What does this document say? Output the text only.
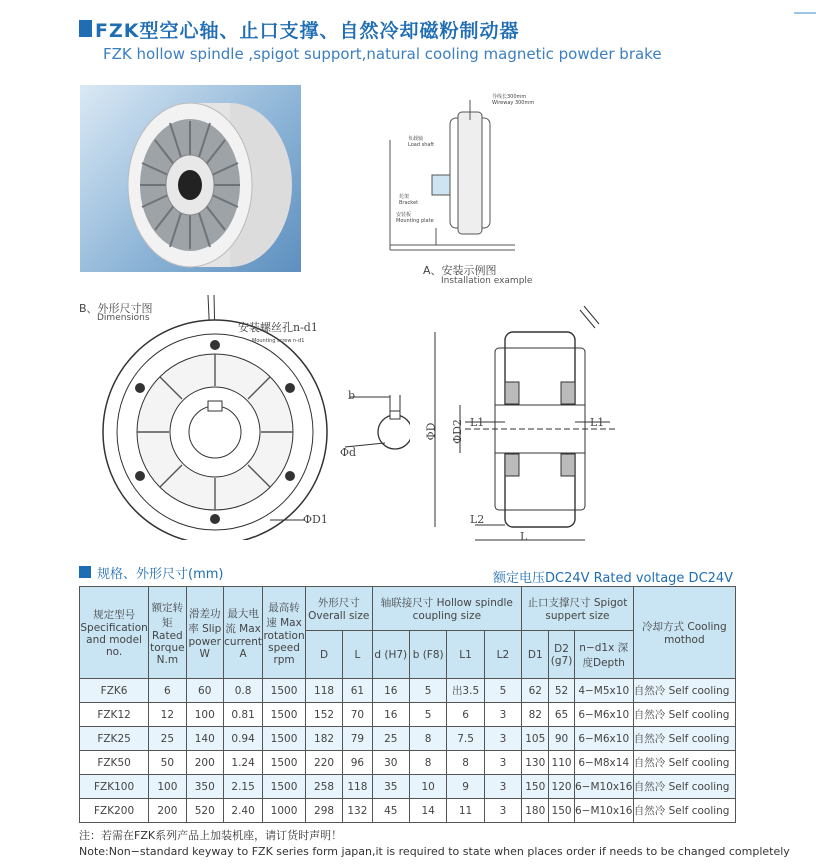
FZK型空心轴、止口支撑、自然冷却磁粉制动器
FZK hollow spindle ,spigot support,natural cooling magnetic powder brake
导线长300mm
Wireway 300mm
负载轴
Load shaft
托架
Bracket
安装板
Mounting plate
A、安装示例图
Installation example
B、外形尺寸图
Dimensions
安装螺丝孔n-d1
Mounting screw n-d1
ΦD1
b
Φd
ΦD ΦD2 L1	L1
L2
L
规格、外形尺寸(mm)	额定电压DC24V Rated voltage DC24V
规定型号 Specification and model no.	额定转矩 Rated torque N.m	滑差功率 Slip power W	最大电流 Max current A	最高转速 Max rotation speed rpm	外形尺寸 Overall size		轴联接尺寸 Hollow spindle coupling size				止口支撑尺寸 Spigot suppert size			冷却方式 Cooling mothod
					D	L	d (H7)	b (F8)	L1	L2	D1	D2 (g7)	n−d1x 深度Depth	
FZK6	6	60	0.8	1500	118	61	16	5	出3.5	5	62	52	4−M5x10	自然冷 Self cooling
FZK12	12	100	0.81	1500	152	70	16	5	6	3	82	65	6−M6x10	自然冷 Self cooling
FZK25	25	140	0.94	1500	182	79	25	8	7.5	3	105	90	6−M6x10	自然冷 Self cooling
FZK50	50	200	1.24	1500	220	96	30	8	8	3	130	110	6−M8x14	自然冷 Self cooling
FZK100	100	350	2.15	1500	258	118	35	10	9	3	150	120	6−M10x16	自然冷 Self cooling
FZK200	200	520	2.40	1000	298	132	45	14	11	3	180	150	6−M10x16	自然冷 Self cooling
注：若需在FZK系列产品上加装机座，请订货时声明！
Note:Non−standard keyway to FZK series form japan,it is required to state when places order if needs to be changed completely
